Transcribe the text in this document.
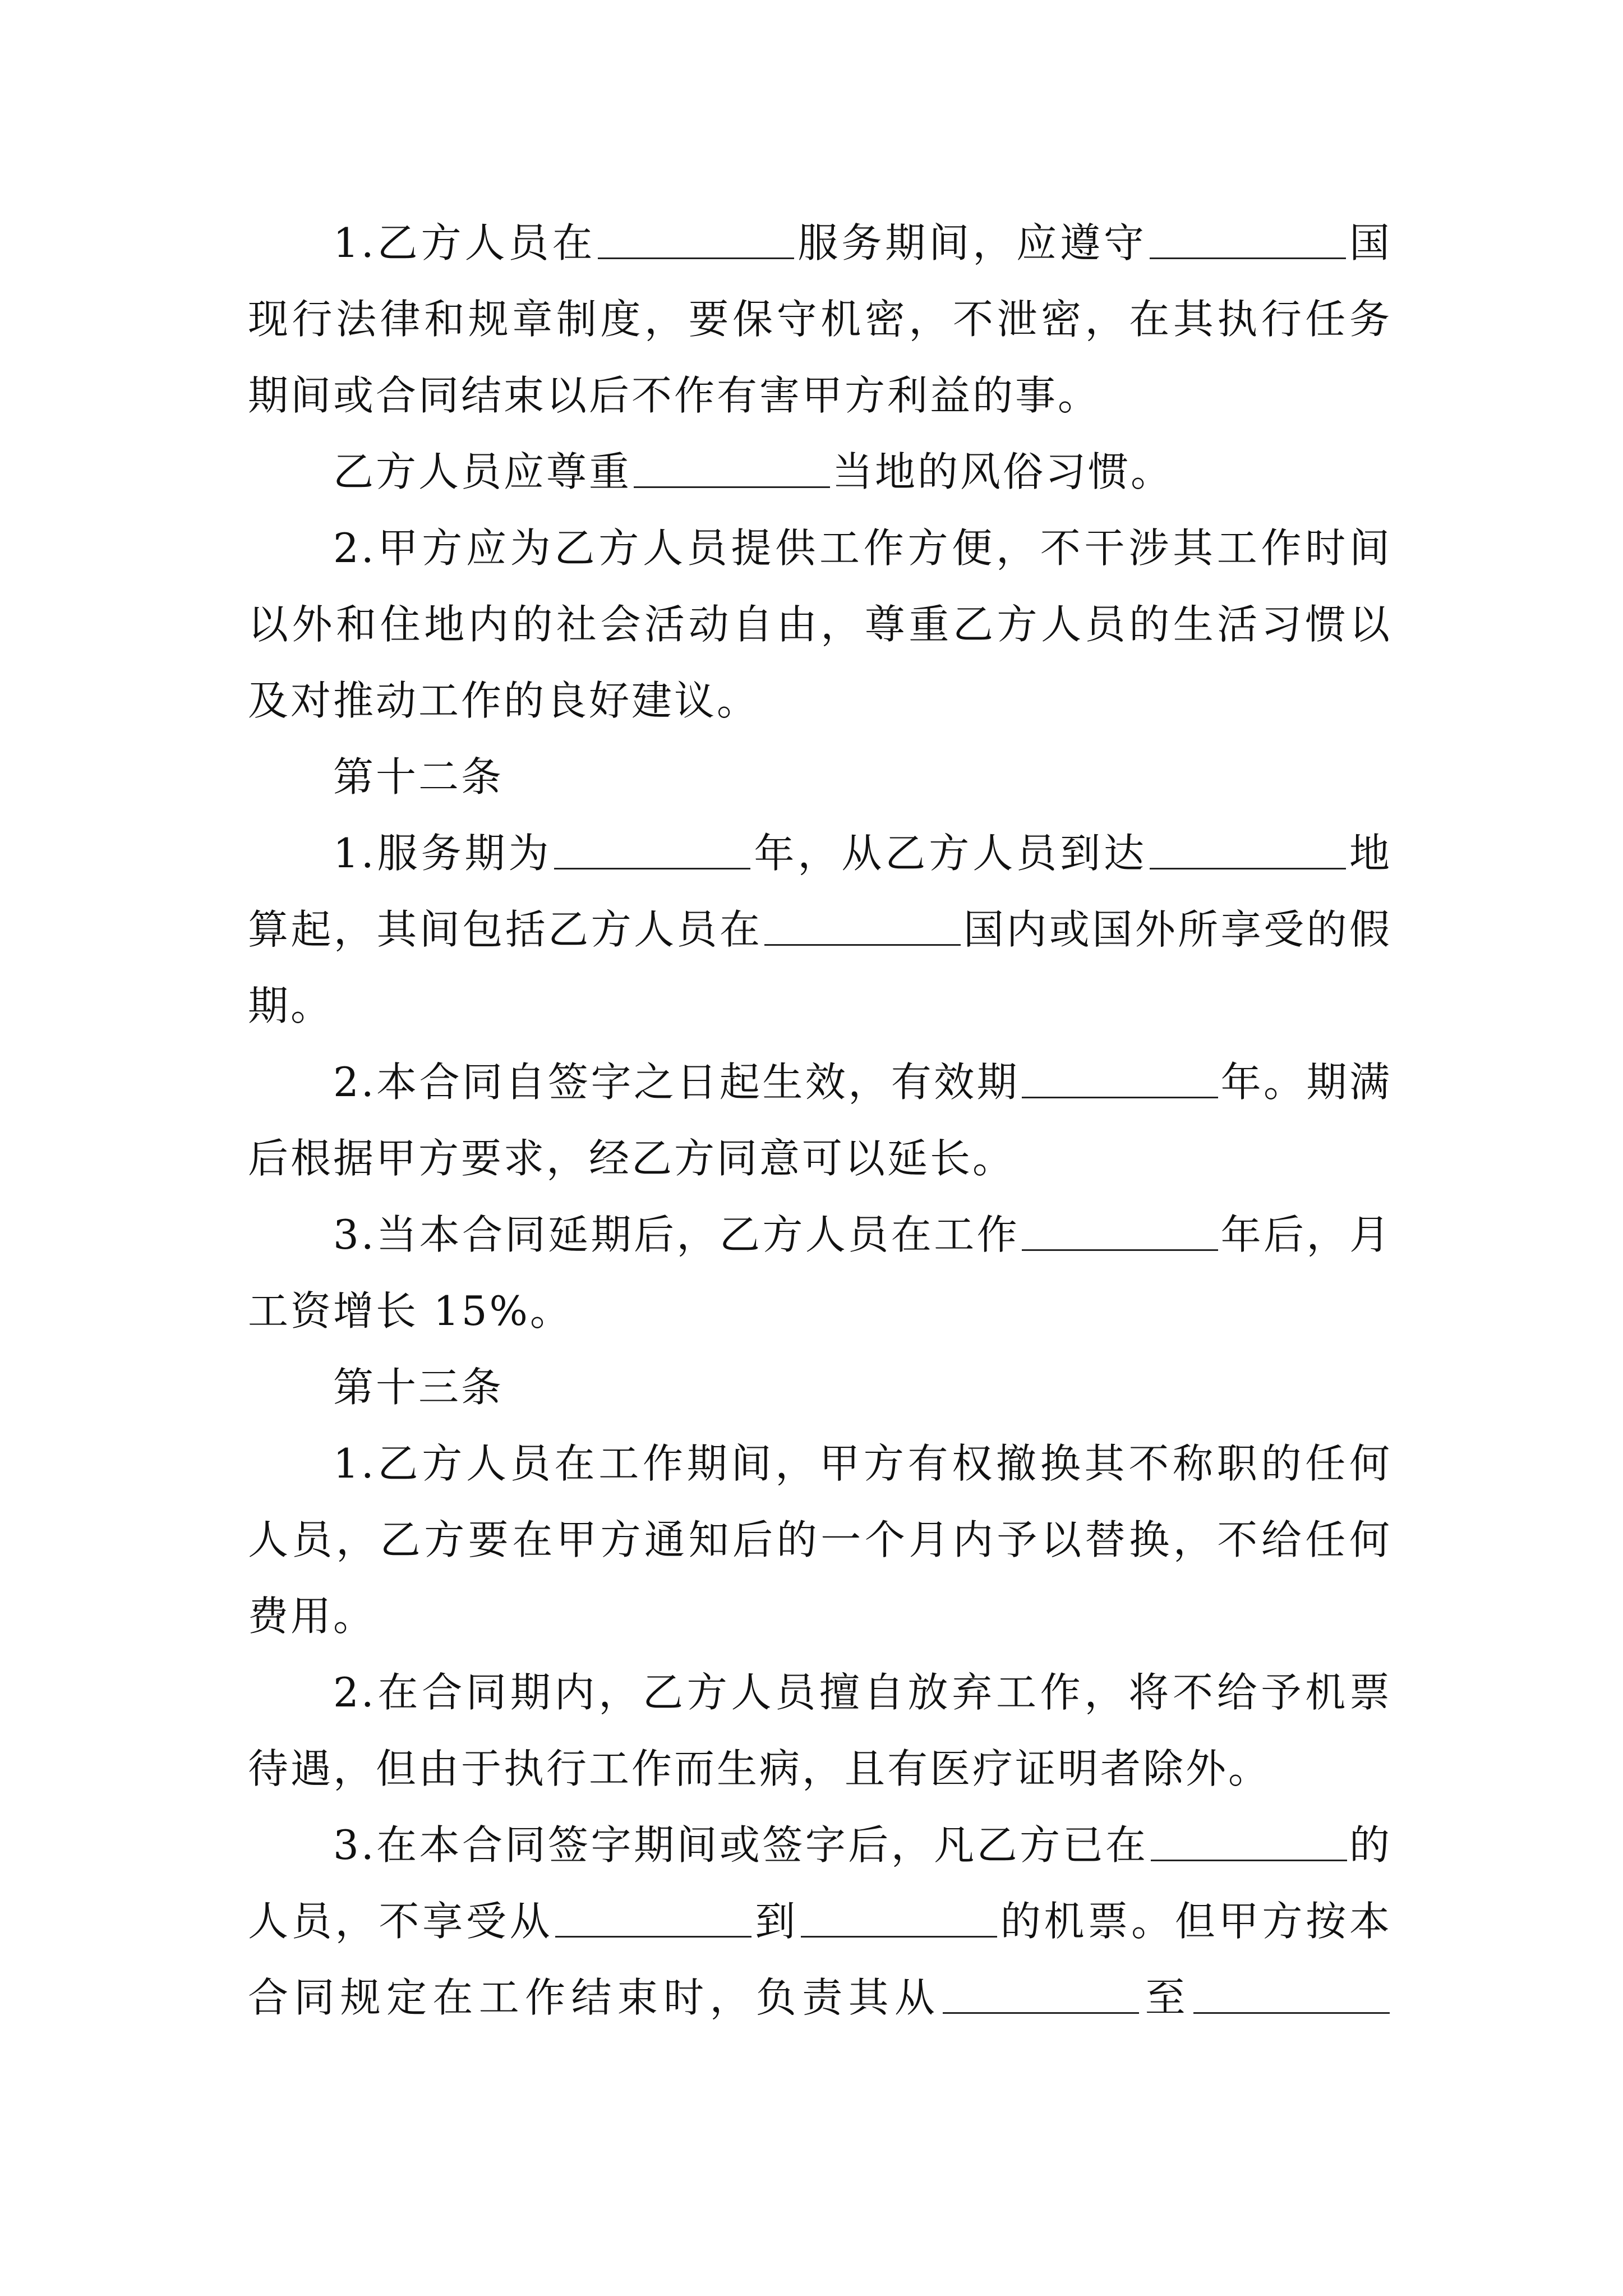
1.乙方人员在	服务期间，应遵守	国现行法律和规章制度，要保守机密，不泄密，在其执行任务期间或合同结束以后不作有害甲方利益的事。

乙方人员应尊重	当地的风俗习惯。

2.甲方应为乙方人员提供工作方便，不干涉其工作时间以外和住地内的社会活动自由，尊重乙方人员的生活习惯以及对推动工作的良好建议。

第十二条

1.服务期为	年，从乙方人员到达	地算起，其间包括乙方人员在	国内或国外所享受的假期。

2.本合同自签字之日起生效，有效期	年。期满后根据甲方要求，经乙方同意可以延长。

3.当本合同延期后，乙方人员在工作	年后，月工资增长 15%。

第十三条

1.乙方人员在工作期间，甲方有权撤换其不称职的任何人员，乙方要在甲方通知后的一个月内予以替换，不给任何费用。

2.在合同期内，乙方人员擅自放弃工作，将不给予机票待遇，但由于执行工作而生病，且有医疗证明者除外。

3.在本合同签字期间或签字后，凡乙方已在	的人员，不享受从	到	的机票。但甲方按本合同规定在工作结束时，负责其从	至
